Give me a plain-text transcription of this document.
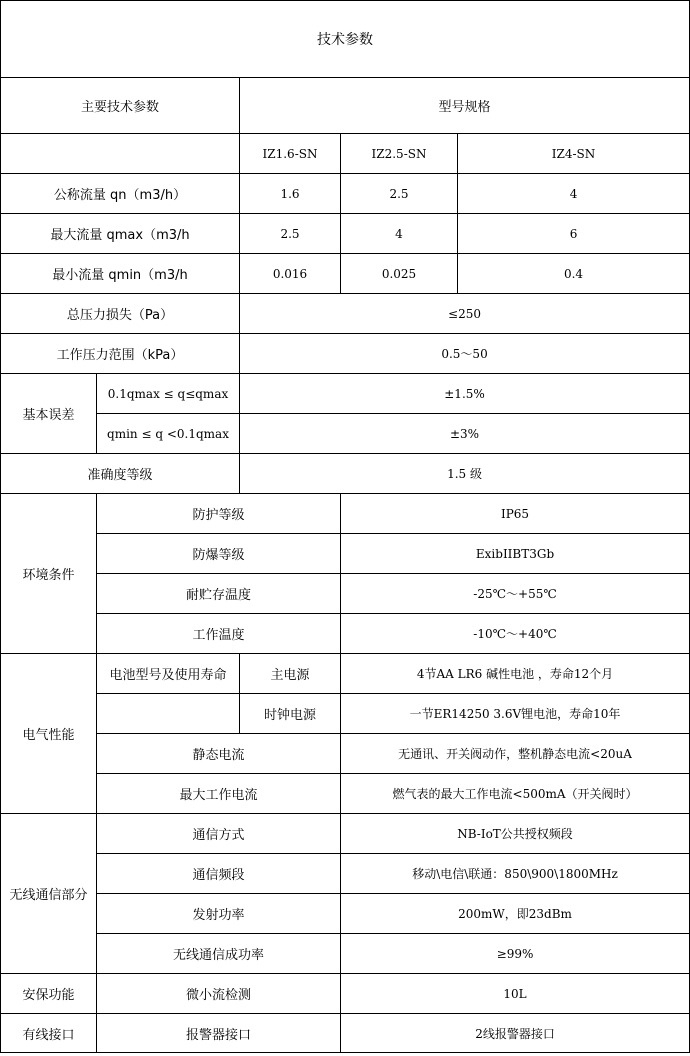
技术参数				
主要技术参数		型号规格		
		IZ1.6-SN	IZ2.5-SN	IZ4-SN
公称流量 qn（m3/h）		1.6	2.5	4
最大流量 qmax（m3/h		2.5	4	6
最小流量 qmin（m3/h		0.016	0.025	0.4
总压力损失（Pa）		≤250		
工作压力范围（kPa）		0.5～50		
基本误差	0.1qmax ≤ q≤qmax	±1.5%		
	qmin ≤ q <0.1qmax	±3%		
准确度等级		1.5 级		
环境条件	防护等级		IP65	
	防爆等级		ExibIIBT3Gb	
	耐贮存温度		-25℃～+55℃	
	工作温度		-10℃～+40℃	
电气性能	电池型号及使用寿命	主电源	4节AA LR6 碱性电池 ，寿命12个月	
		时钟电源	一节ER14250 3.6V锂电池，寿命10年	
	静态电流		无通讯、开关阀动作，整机静态电流<20uA	
	最大工作电流		燃气表的最大工作电流<500mA（开关阀时）	
无线通信部分	通信方式		NB-IoT公共授权频段	
	通信频段		移动\电信\联通：850\900\1800MHz	
	发射功率		200mW，即23dBm	
	无线通信成功率		≥99%	
安保功能	微小流检测		10L	
有线接口	报警器接口		2线报警器接口	
